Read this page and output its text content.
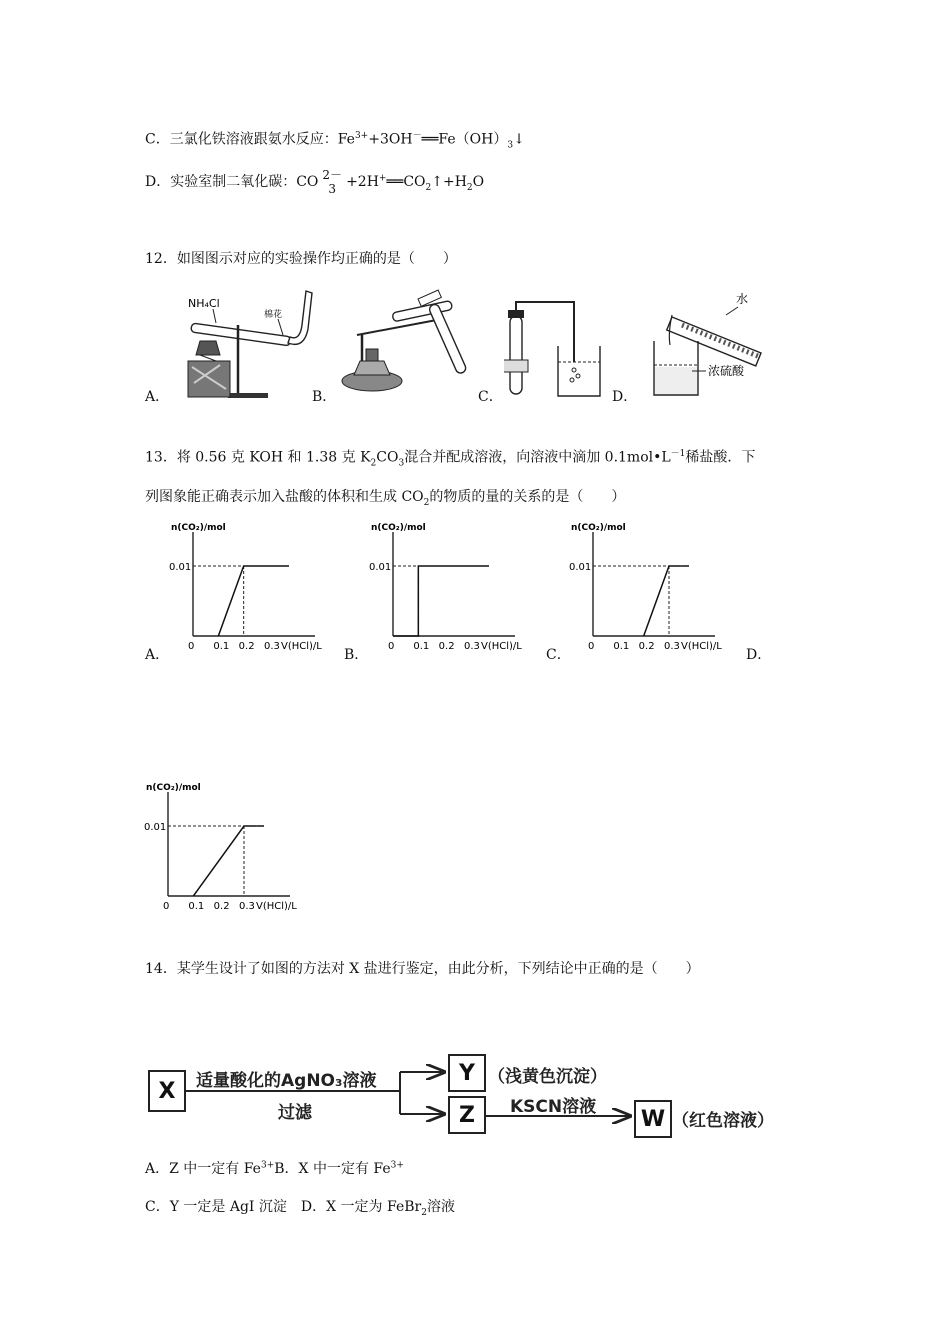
C．三氯化铁溶液跟氨水反应：$Fe^{3+}+3OH^-══Fe(OH)_3↓$
D．实验室制二氧化碳：CO 2－
$3 +2H^+══CO_2↑+H_2O$
12．如图图示对应的实验操作均正确的是（　　）
A．	B．	C．	D．
NH₄Cl
棉花
水
浓硫酸
13．将 0.56 克 KOH 和 1.38 克 $K_2CO_3$混合并配成溶液，向溶液中滴加 $0.1mol•L^{-1}$稀盐酸．下
列图象能正确表示加入盐酸的体积和生成 $CO_2$的物质的量的关系的是（　　）
A．	B．	C．	D．
n(CO₂)/mol
0.01
0 0.1 0.2 0.3 V(HCl)/L
n(CO₂)/mol
0.01
0 0.1 0.2 0.3 V(HCl)/L
n(CO₂)/mol
0.01
0 0.1 0.2 0.3 V(HCl)/L
n(CO₂)/mol
0.01
0 0.1 0.2 0.3 V(HCl)/L
14．某学生设计了如图的方法对 X 盐进行鉴定，由此分析，下列结论中正确的是（　　）
X
Y
Z	W
适量酸化的AgNO₃溶液
过滤
（浅黄色沉淀）
KSCN溶液
（红色溶液）
A．Z 中一定有 $Fe^{3+}B$．X 中一定有 $Fe^{3+}$
C．Y 一定是 AgI 沉淀　D．X 一定为 FeBr$_2$溶液
